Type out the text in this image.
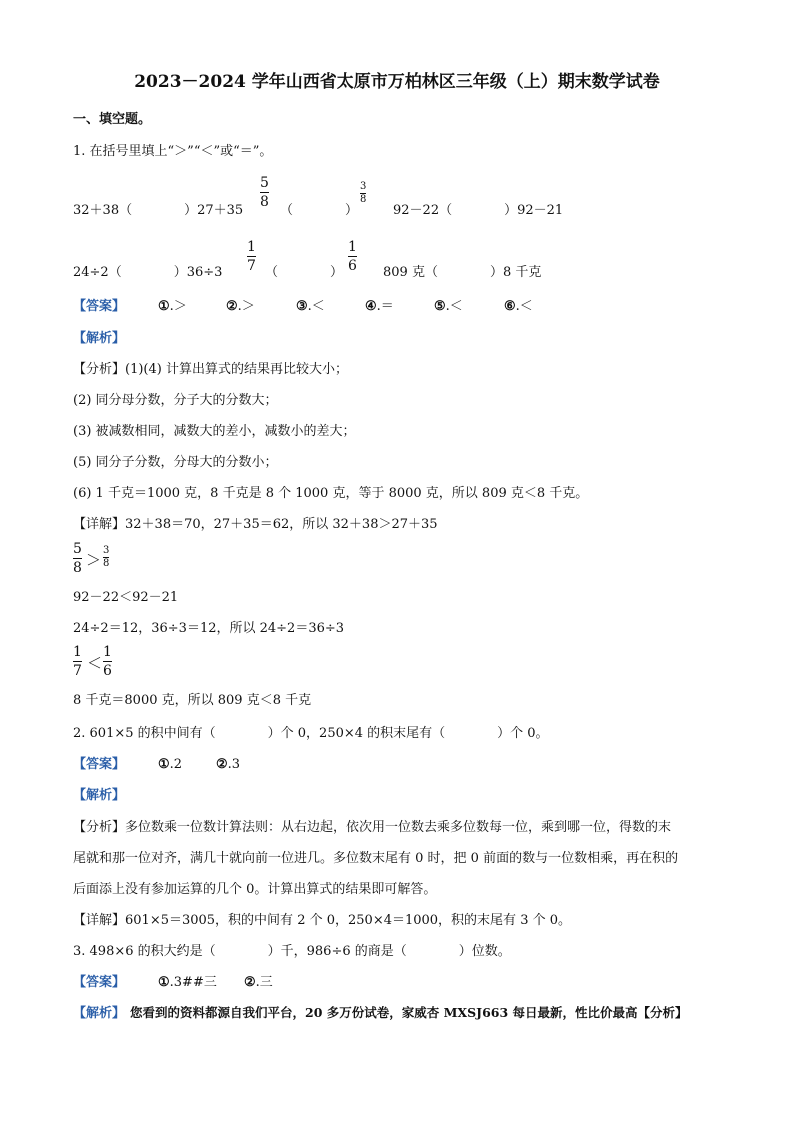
2023－2024 学年山西省太原市万柏林区三年级（上）期末数学试卷
一、填空题。
1. 在括号里填上“＞”“＜”或“＝”。
32＋38（　　　　）27＋35
5
8
（　　　　）
3
8
92－22（　　　　）92－21
24÷2（　　　　）36÷3
1
7 （　　　　）
1
6 809 克（　　　　）8 千克
【答案】	①.＞	②.＞	③.＜	④.＝	⑤.＜	⑥.＜
【解析】
【分析】(1)(4) 计算出算式的结果再比较大小；
(2) 同分母分数，分子大的分数大；
(3) 被减数相同，减数大的差小，减数小的差大；
(5) 同分子分数，分母大的分数小；
(6) 1 千克＝1000 克，8 千克是 8 个 1000 克，等于 8000 克，所以 809 克＜8 千克。
【详解】32＋38＝70，27＋35＝62，所以 32＋38＞27＋35
5
8 ＞
3
8
92－22＜92－21
24÷2＝12，36÷3＝12，所以 24÷2＝36÷3
1
7 ＜
1
6
8 千克＝8000 克，所以 809 克＜8 千克
2. 601×5 的积中间有（　　　　）个 0，250×4 的积末尾有（　　　　）个 0。
【答案】	①.2	②.3
【解析】
【分析】多位数乘一位数计算法则：从右边起，依次用一位数去乘多位数每一位，乘到哪一位，得数的末
尾就和那一位对齐，满几十就向前一位进几。多位数末尾有 0 时，把 0 前面的数与一位数相乘，再在积的
后面添上没有参加运算的几个 0。计算出算式的结果即可解答。
【详解】601×5＝3005，积的中间有 2 个 0，250×4＝1000，积的末尾有 3 个 0。
3. 498×6 的积大约是（　　　　）千，986÷6 的商是（　　　　）位数。
【答案】	①.3##三 ②.三
【解析】 您看到的资料都源自我们平台，20 多万份试卷，家威杏 MXSJ663 每日最新，性比价最高【分析】
